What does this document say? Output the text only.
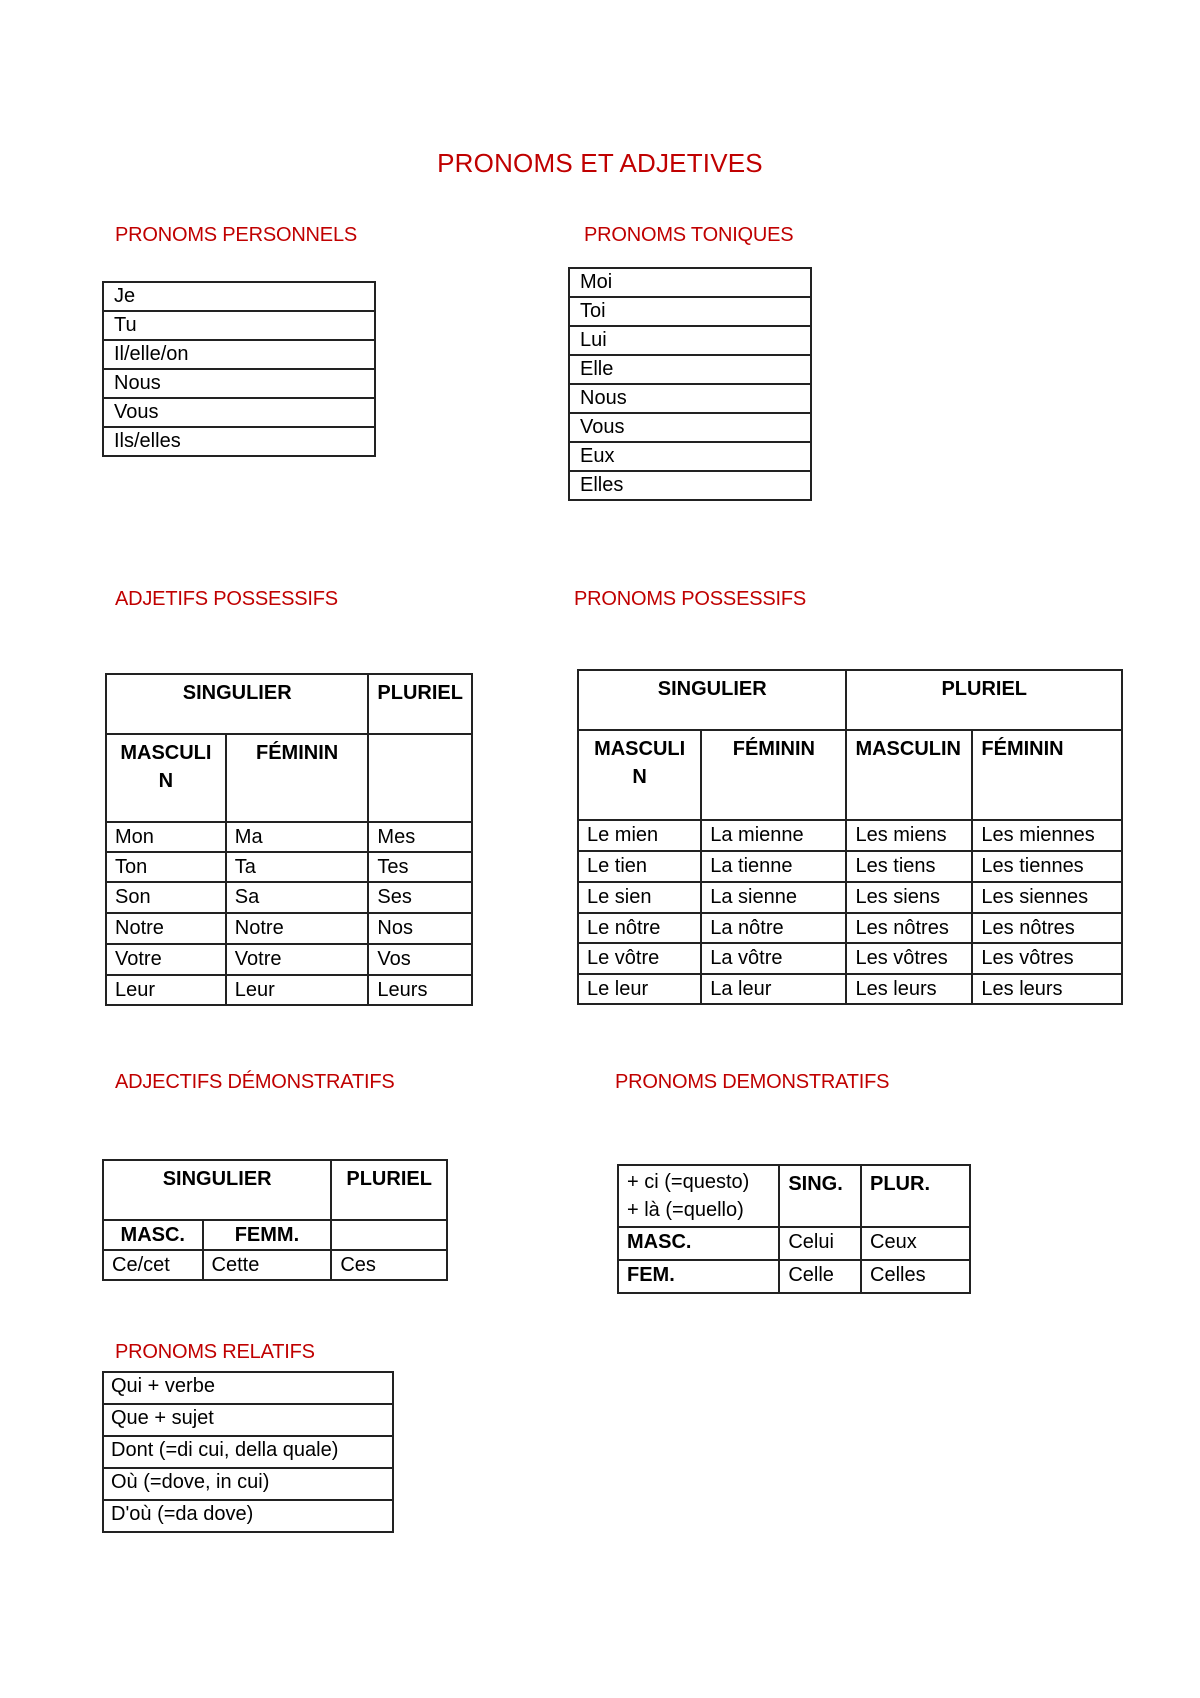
PRONOMS ET ADJETIVES
PRONOMS PERSONNELS
Je
Tu
Il/elle/on
Nous
Vous
Ils/elles
PRONOMS TONIQUES
Moi
Toi
Lui
Elle
Nous
Vous
Eux
Elles
ADJETIFS POSSESSIFS
SINGULIER		PLURIEL
MASCULI N	FÉMININ	
Mon	Ma	Mes
Ton	Ta	Tes
Son	Sa	Ses
Notre	Notre	Nos
Votre	Votre	Vos
Leur	Leur	Leurs
PRONOMS POSSESSIFS
SINGULIER		PLURIEL	
MASCULI N	FÉMININ	MASCULIN	FÉMININ
Le mien	La mienne	Les miens	Les miennes
Le tien	La tienne	Les tiens	Les tiennes
Le sien	La sienne	Les siens	Les siennes
Le nôtre	La nôtre	Les nôtres	Les nôtres
Le vôtre	La vôtre	Les vôtres	Les vôtres
Le leur	La leur	Les leurs	Les leurs
ADJECTIFS DÉMONSTRATIFS
SINGULIER		PLURIEL
MASC.	FEMM.	
Ce/cet	Cette	Ces
PRONOMS DEMONSTRATIFS
+ ci (=questo)
+ là (=quello)	SING.	PLUR.
MASC.	Celui	Ceux
FEM.	Celle	Celles
PRONOMS RELATIFS
Qui + verbe
Que + sujet
Dont (=di cui, della quale)
Où (=dove, in cui)
D'où (=da dove)
